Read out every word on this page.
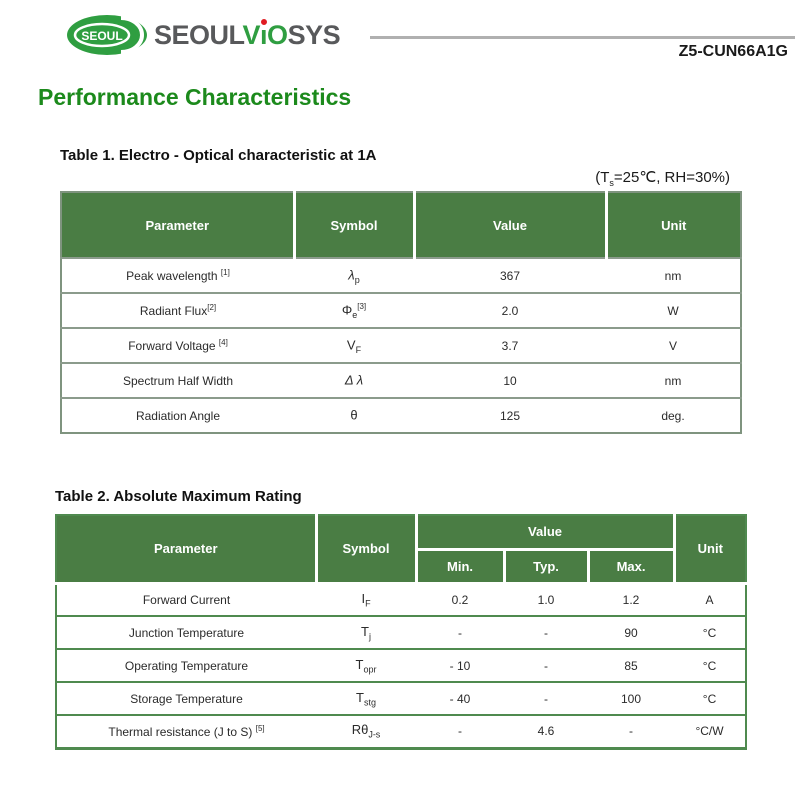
SEOUL SEOULV
ıOSYS
Z5-CUN66A1G
Performance Characteristics
Table 1. Electro - Optical characteristic at 1A
($T_s=25℃$, RH=30%)
Parameter	Symbol	Value	Unit
Peak wavelength [1]	$\lambda_p$	367	nm
Radiant Flux[2]	$\Phi_e[3]$	2.0	W
Forward Voltage [4]	$V_F$	3.7	V
Spectrum Half Width	Δ λ	10	nm
Radiation Angle	θ	125	deg.
Table 2. Absolute Maximum Rating
Parameter	Symbol	Value			Unit
		Min.	Typ.	Max.	
Forward Current	$I_F$	0.2	1.0	1.2	A
Junction Temperature	$T_j$	-	-	90	°C
Operating Temperature	$T_{opr}$	- 10	-	85	°C
Storage Temperature	$T_{stg}$	- 40	-	100	°C
Thermal resistance (J to S) [5]	$R\theta_{J-s}$	-	4.6	-	°C/W
